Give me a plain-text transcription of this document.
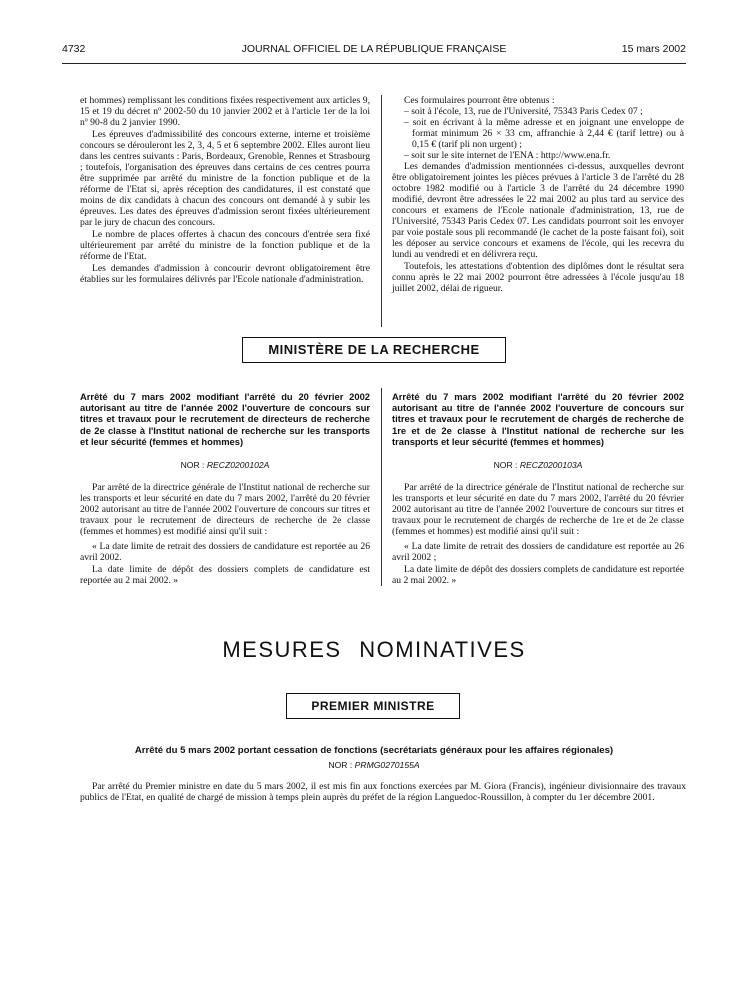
4732	JOURNAL OFFICIEL DE LA RÉPUBLIQUE FRANÇAISE	15 mars 2002

et hommes) remplissant les conditions fixées respectivement aux articles 9, 15 et 19 du décret nº 2002-50 du 10 janvier 2002 et à l'article 1er de la loi nº 90-8 du 2 janvier 1990.

Les épreuves d'admissibilité des concours externe, interne et troisième concours se dérouleront les 2, 3, 4, 5 et 6 septembre 2002. Elles auront lieu dans les centres suivants : Paris, Bordeaux, Grenoble, Rennes et Strasbourg ; toutefois, l'organisation des épreuves dans certains de ces centres pourra être supprimée par arrêté du ministre de la fonction publique et de la réforme de l'Etat si, après réception des candidatures, il est constaté que moins de dix candidats à chacun des concours ont demandé à y subir les épreuves. Les dates des épreuves d'admission seront fixées ultérieurement par le jury de chacun des concours.

Le nombre de places offertes à chacun des concours d'entrée sera fixé ultérieurement par arrêté du ministre de la fonction publique et de la réforme de l'Etat.

Les demandes d'admission à concourir devront obligatoirement être établies sur les formulaires délivrés par l'Ecole nationale d'administration.

Ces formulaires pourront être obtenus :

– soit à l'école, 13, rue de l'Université, 75343 Paris Cedex 07 ;
– soit en écrivant à la même adresse et en joignant une enveloppe de format minimum 26 × 33 cm, affranchie à 2,44 € (tarif lettre) ou à 0,15 € (tarif pli non urgent) ;
– soit sur le site internet de l'ENA : http://www.ena.fr.

Les demandes d'admission mentionnées ci-dessus, auxquelles devront être obligatoirement jointes les pièces prévues à l'article 3 de l'arrêté du 28 octobre 1982 modifié ou à l'article 3 de l'arrêté du 24 décembre 1990 modifié, devront être adressées le 22 mai 2002 au plus tard au service des concours et examens de l'Ecole nationale d'administration, 13, rue de l'Université, 75343 Paris Cedex 07. Les candidats pourront soit les envoyer par voie postale sous pli recommandé (le cachet de la poste faisant foi), soit les déposer au service concours et examens de l'école, qui les recevra du lundi au vendredi et en délivrera reçu.

Toutefois, les attestations d'obtention des diplômes dont le résultat sera connu après le 22 mai 2002 pourront être adressées à l'école jusqu'au 18 juillet 2002, délai de rigueur.

MINISTÈRE DE LA RECHERCHE
Arrêté du 7 mars 2002 modifiant l'arrêté du 20 février 2002 autorisant au titre de l'année 2002 l'ouverture de concours sur titres et travaux pour le recrutement de directeurs de recherche de 2e classe à l'Institut national de recherche sur les transports et leur sécurité (femmes et hommes)
Arrêté du 7 mars 2002 modifiant l'arrêté du 20 février 2002 autorisant au titre de l'année 2002 l'ouverture de concours sur titres et travaux pour le recrutement de chargés de recherche de 1re et de 2e classe à l'Institut national de recherche sur les transports et leur sécurité (femmes et hommes)
NOR : RECZ0200102A	NOR : RECZ0200103A

Par arrêté de la directrice générale de l'Institut national de recherche sur les transports et leur sécurité en date du 7 mars 2002, l'arrêté du 20 février 2002 autorisant au titre de l'année 2002 l'ouverture de concours sur titres et travaux pour le recrutement de directeurs de recherche de 2e classe (femmes et hommes) est modifié ainsi qu'il suit :

« La date limite de retrait des dossiers de candidature est reportée au 26 avril 2002.

La date limite de dépôt des dossiers complets de candidature est reportée au 2 mai 2002. »

Par arrêté de la directrice générale de l'Institut national de recherche sur les transports et leur sécurité en date du 7 mars 2002, l'arrêté du 20 février 2002 autorisant au titre de l'année 2002 l'ouverture de concours sur titres et travaux pour le recrutement de chargés de recherche de 1re et de 2e classe (femmes et hommes) est modifié ainsi qu'il suit :

« La date limite de retrait des dossiers de candidature est reportée au 26 avril 2002 ;

La date limite de dépôt des dossiers complets de candidature est reportée au 2 mai 2002. »

MESURES NOMINATIVES
PREMIER MINISTRE
Arrêté du 5 mars 2002 portant cessation de fonctions (secrétariats généraux pour les affaires régionales)
NOR : PRMG0270155A

Par arrêté du Premier ministre en date du 5 mars 2002, il est mis fin aux fonctions exercées par M. Giora (Francis), ingénieur divisionnaire des travaux publics de l'Etat, en qualité de chargé de mission à temps plein auprès du préfet de la région Languedoc-Roussillon, à compter du 1er décembre 2001.
